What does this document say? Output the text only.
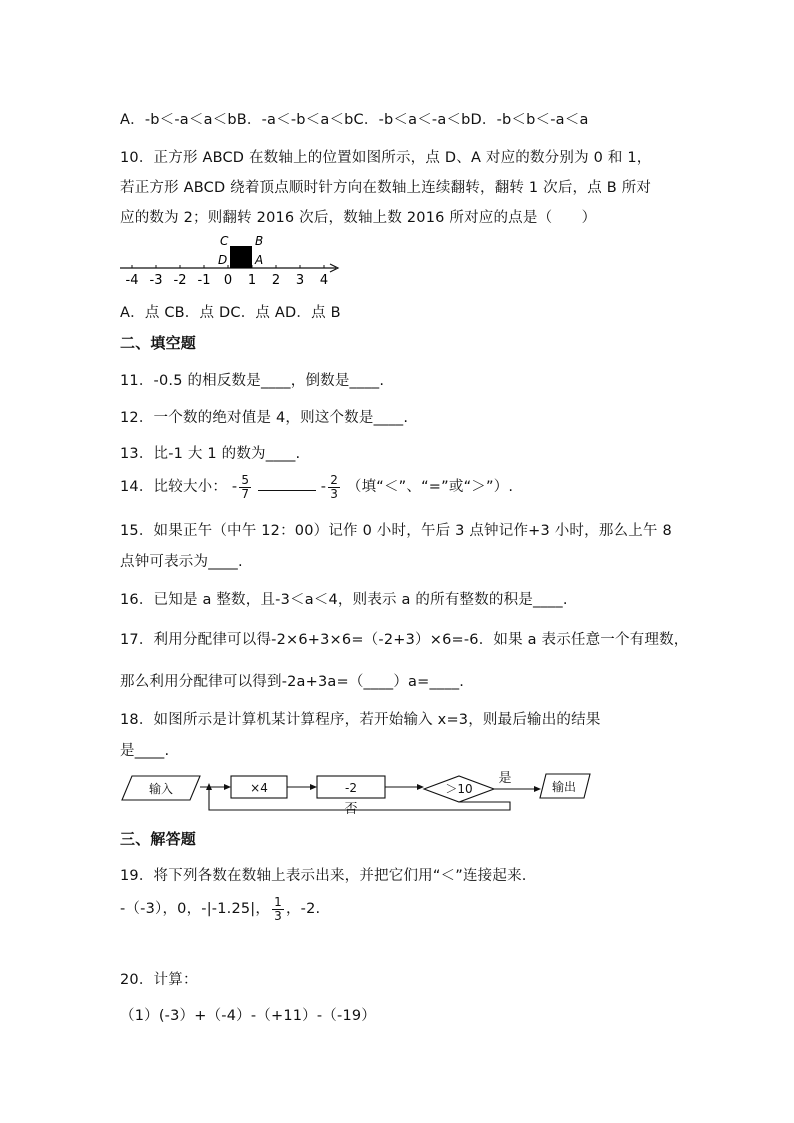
A．-b＜-a＜a＜bB．-a＜-b＜a＜bC．-b＜a＜-a＜bD．-b＜b＜-a＜a
10．正方形 ABCD 在数轴上的位置如图所示，点 D、A 对应的数分别为 0 和 1，
若正方形 ABCD 绕着顶点顺时针方向在数轴上连续翻转，翻转 1 次后，点 B 所对
应的数为 2；则翻转 2016 次后，数轴上数 2016 所对应的点是（　　）
C B
D A
-4 -3 -2 -1 0 1 2 3 4
A．点 CB．点 DC．点 AD．点 B
二、填空题
11．-0.5 的相反数是____，倒数是____.
12．一个数的绝对值是 4，则这个数是____.
13．比-1 大 1 的数为____.
14．比较大小： - $\frac{5}{7}$	- $\frac{2}{3}$ （填“＜”、“=”或“＞”）.
15．如果正午（中午 12：00）记作 0 小时，午后 3 点钟记作+3 小时，那么上午 8
点钟可表示为____.
16．已知是 a 整数，且-3＜a＜4，则表示 a 的所有整数的积是____.
17．利用分配律可以得-2×6+3×6=（-2+3）×6=-6．如果 a 表示任意一个有理数，
那么利用分配律可以得到-2a+3a=（____）a=____.
18．如图所示是计算机某计算程序，若开始输入 x=3，则最后输出的结果
是____.
输入	×4	-2	＞10	输出
是
否
三、解答题
19．将下列各数在数轴上表示出来，并把它们用“＜”连接起来.
-（-3），0，-|-1.25|， $\frac{1}{3}$ ，-2.
20．计算：
（1）(-3）+（-4）-（+11）-（-19）
